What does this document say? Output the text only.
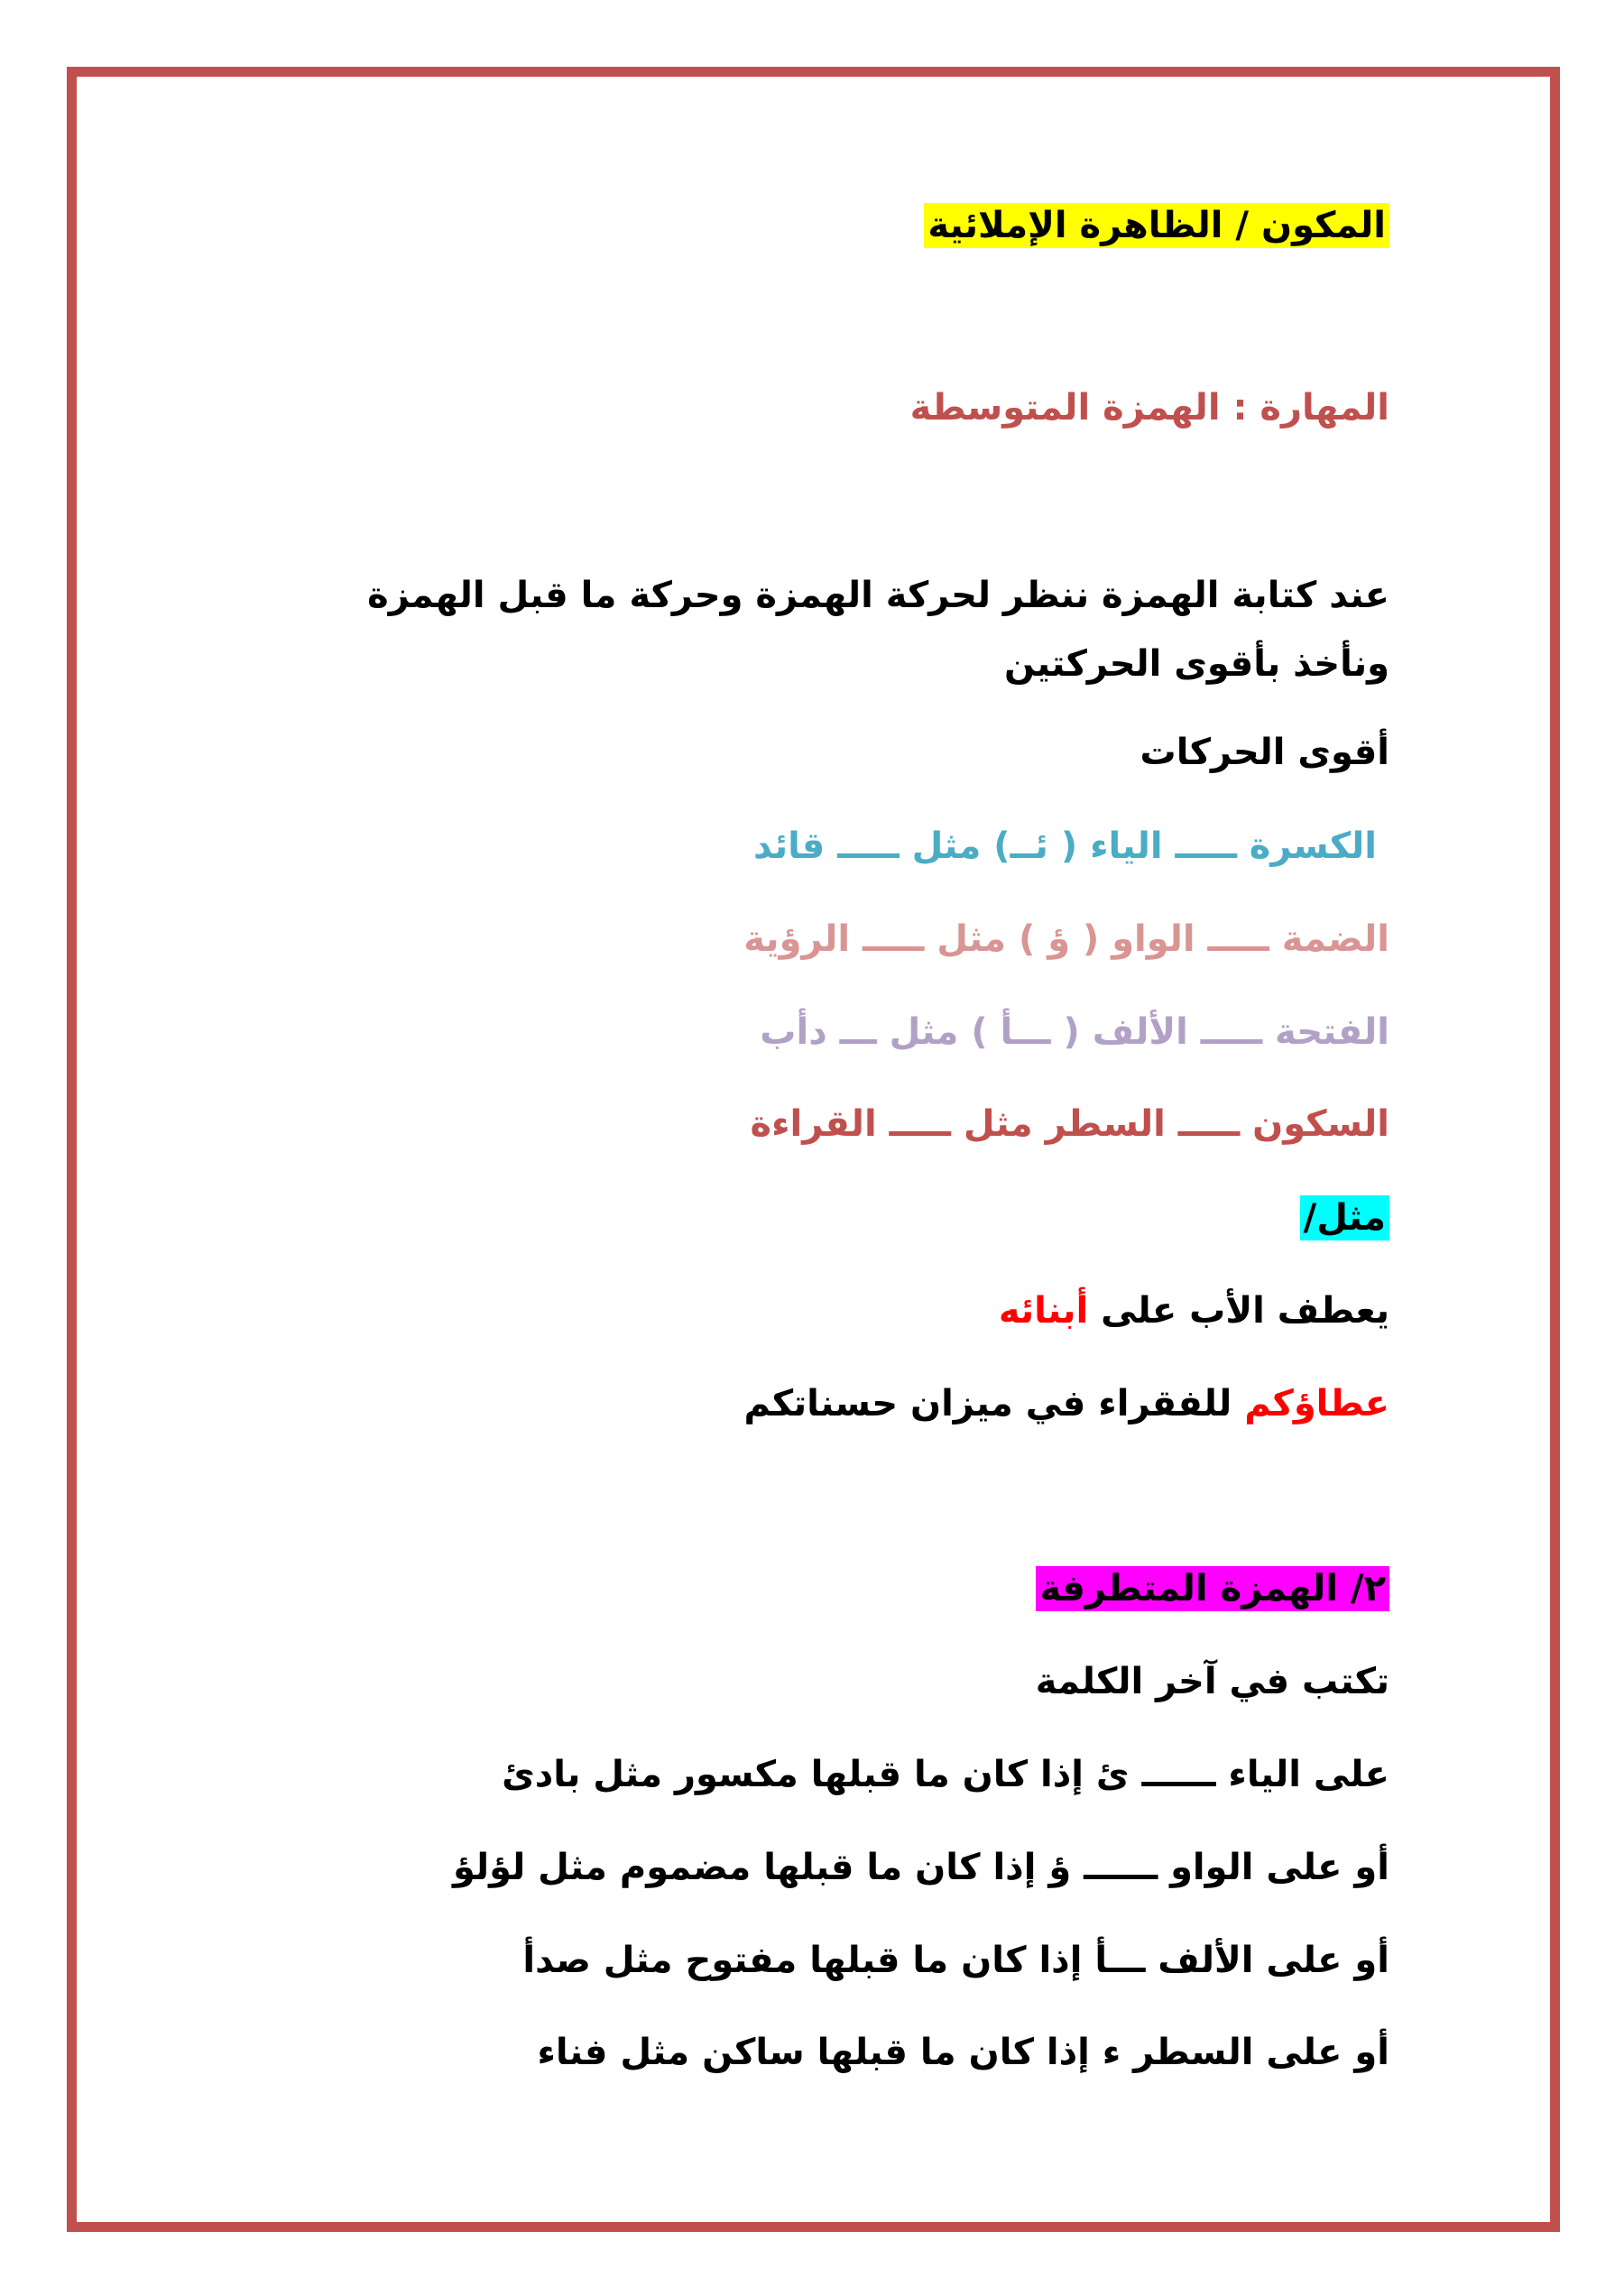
المكون / الظاهرة الإملائية
المهارة : الهمزة المتوسطة
عند كتابة الهمزة ننظر لحركة الهمزة وحركة ما قبل الهمزة ونأخذ بأقوى الحركتين
أقوى الحركات
الكسرة ـــــ الياء ( ئــ) مثل ـــــ قائد
الضمة ـــــ الواو ( ؤ ) مثل ـــــ الرؤية
الفتحة ـــــ الألف ( ـــأ ) مثل ـــ دأب
السكون ـــــ السطر مثل ـــــ القراءة
مثل/
يعطف الأب على أبنائه
عطاؤكم للفقراء في ميزان حسناتكم
٢/ الهمزة المتطرفة
تكتب في آخر الكلمة
على الياء ــــــ ئ إذا كان ما قبلها مكسور مثل بادئ
أو على الواو ــــــ ؤ إذا كان ما قبلها مضموم مثل لؤلؤ
أو على الألف ـــأ إذا كان ما قبلها مفتوح مثل صدأ
أو على السطر ء إذا كان ما قبلها ساكن مثل فناء
